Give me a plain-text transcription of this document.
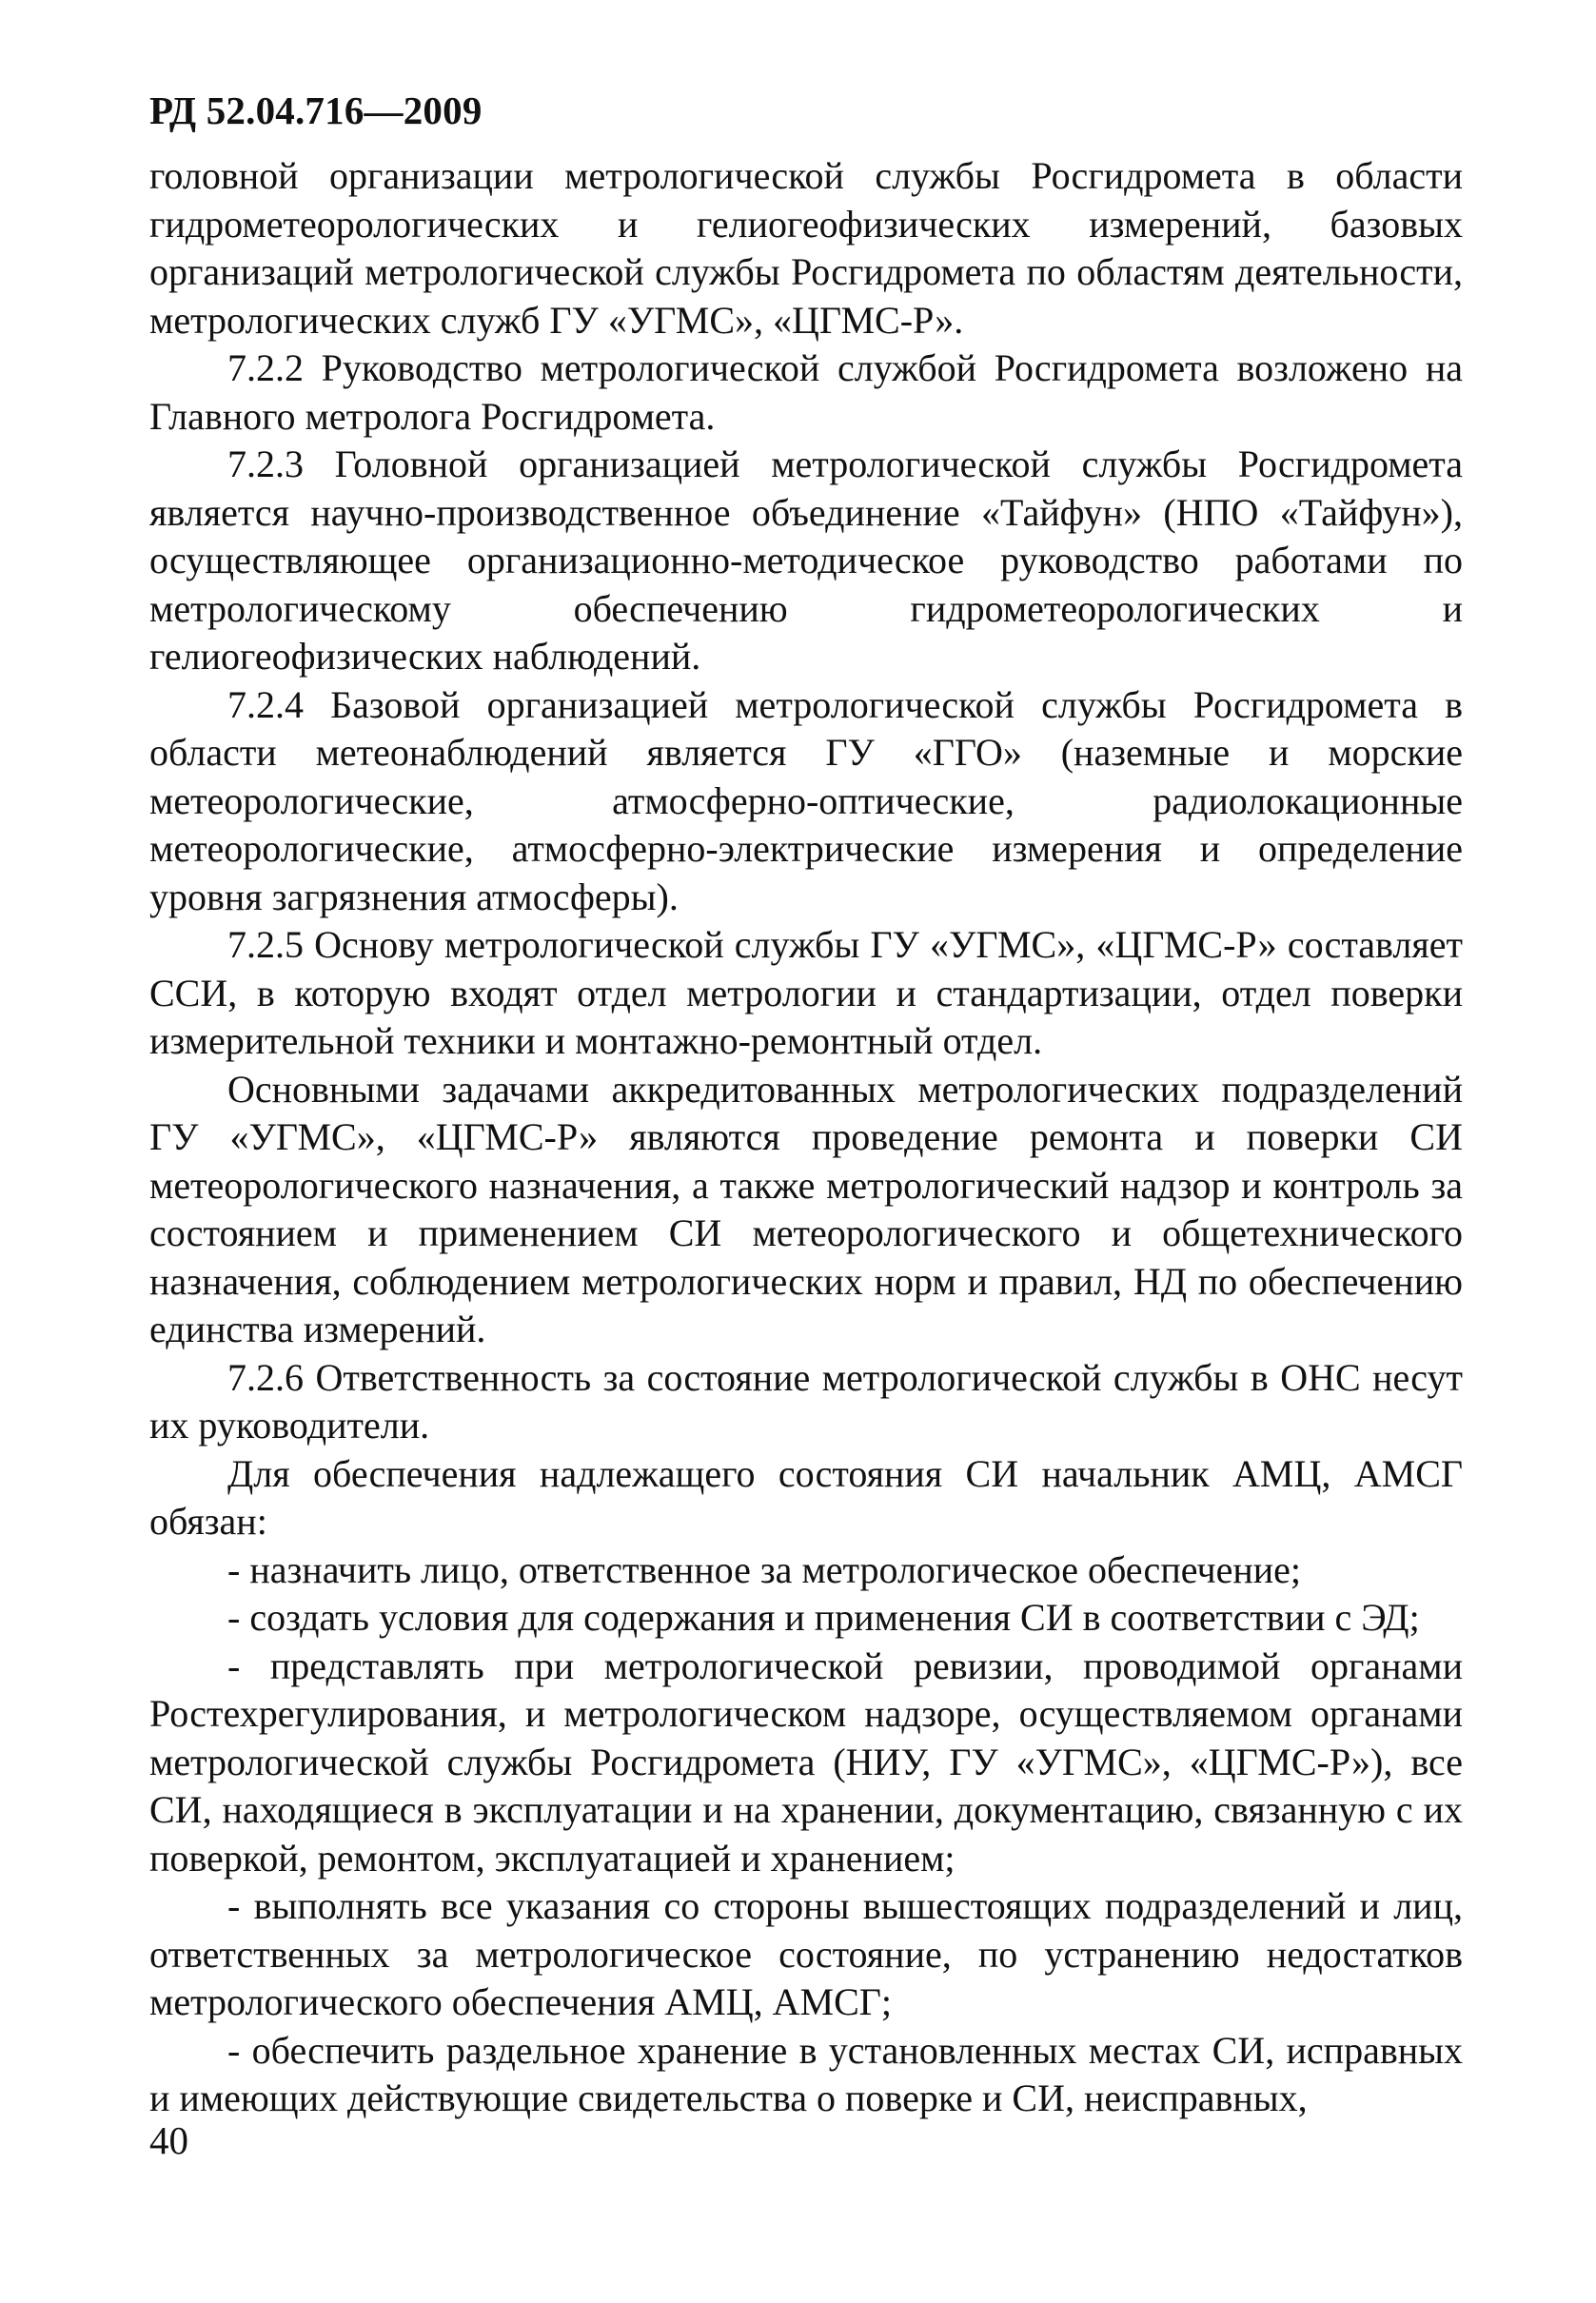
РД 52.04.716—2009

головной организации метрологической службы Росгидромета в области гидрометеорологических и гелиогеофизических измерений, базовых организаций метрологической службы Росгидромета по областям деятельности, метрологических служб ГУ «УГМС», «ЦГМС-Р».

7.2.2 Руководство метрологической службой Росгидромета возложено на Главного метролога Росгидромета.

7.2.3 Головной организацией метрологической службы Росгидромета является научно-производственное объединение «Тайфун» (НПО «Тайфун»), осуществляющее организационно-методическое руководство работами по метрологическому обеспечению гидрометеорологических и гелиогеофизических наблюдений.

7.2.4 Базовой организацией метрологической службы Росгидромета в области метеонаблюдений является ГУ «ГГО» (наземные и морские метеорологические, атмосферно-оптические, радиолокационные метеорологические, атмосферно-электрические измерения и определение уровня загрязнения атмосферы).

7.2.5 Основу метрологической службы ГУ «УГМС», «ЦГМС-Р» составляет ССИ, в которую входят отдел метрологии и стандартизации, отдел поверки измерительной техники и монтажно-ремонтный отдел.

Основными задачами аккредитованных метрологических подразделений ГУ «УГМС», «ЦГМС-Р» являются проведение ремонта и поверки СИ метеорологического назначения, а также метрологический надзор и контроль за состоянием и применением СИ метеорологического и общетехнического назначения, соблюдением метрологических норм и правил, НД по обеспечению единства измерений.

7.2.6 Ответственность за состояние метрологической службы в ОНС несут их руководители.

Для обеспечения надлежащего состояния СИ начальник АМЦ, АМСГ обязан:

- назначить лицо, ответственное за метрологическое обеспечение;

- создать условия для содержания и применения СИ в соответствии с ЭД;

- представлять при метрологической ревизии, проводимой органами Ростехрегулирования, и метрологическом надзоре, осуществляемом органами метрологической службы Росгидромета (НИУ, ГУ «УГМС», «ЦГМС-Р»), все СИ, находящиеся в эксплуатации и на хранении, документацию, связанную с их поверкой, ремонтом, эксплуатацией и хранением;

- выполнять все указания со стороны вышестоящих подразделений и лиц, ответственных за метрологическое состояние, по устранению недостатков метрологического обеспечения АМЦ, АМСГ;

- обеспечить раздельное хранение в установленных местах СИ, исправных и имеющих действующие свидетельства о поверке и СИ, неисправных,

40
